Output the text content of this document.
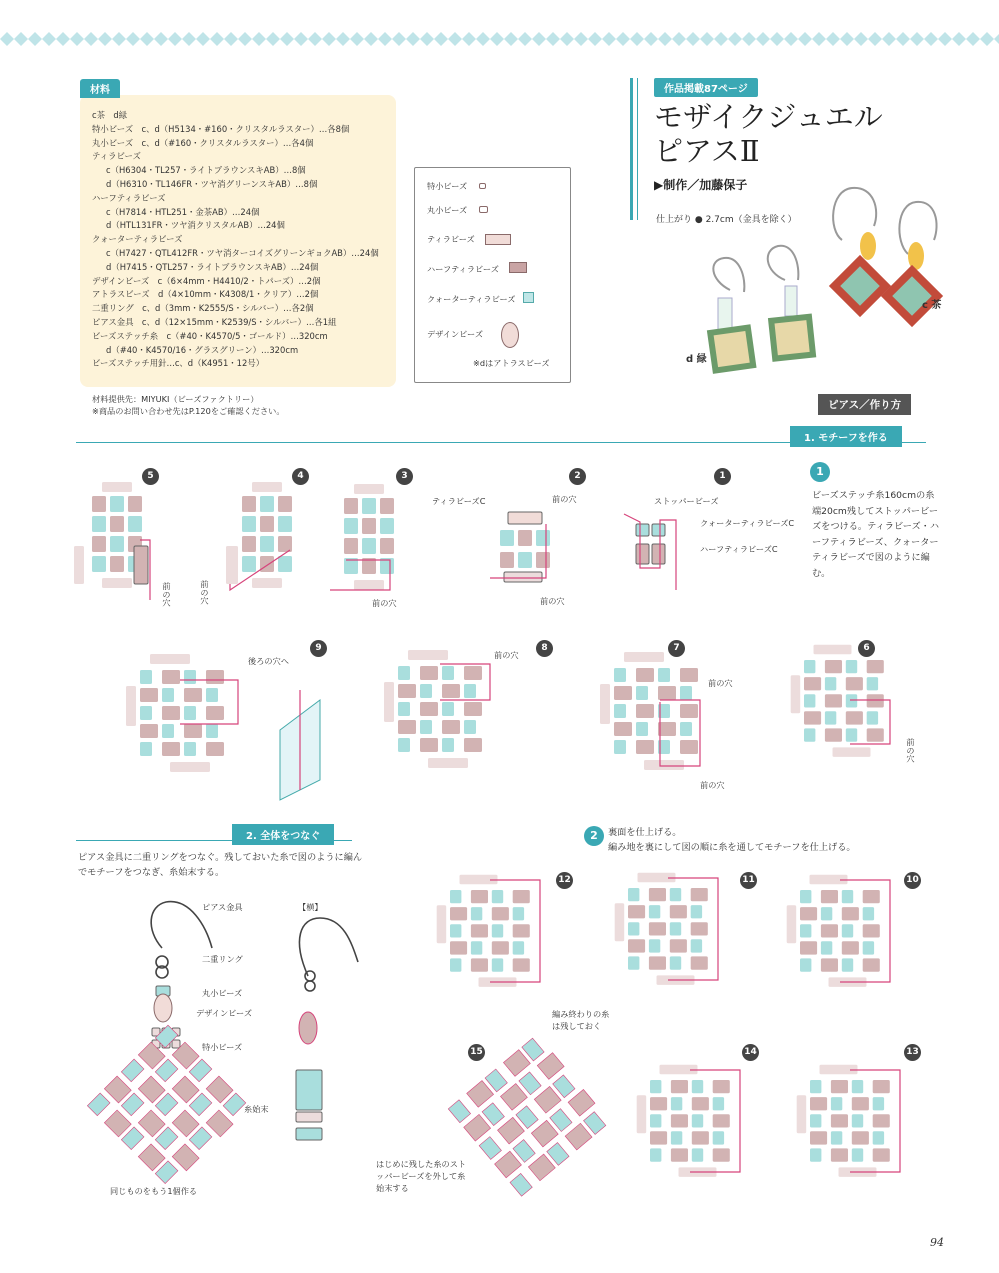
材料
c茶　d緑
特小ビーズ　c、d（H5134・#160・クリスタルラスター）…各8個
丸小ビーズ　c、d（#160・クリスタルラスター）…各4個
ティラビーズ
c（H6304・TL257・ライトブラウンスキAB）…8個
d（H6310・TL146FR・ツヤ消グリーンスキAB）…8個
ハーフティラビーズ
c（H7814・HTL251・金茶AB）…24個
d（HTL131FR・ツヤ消クリスタルAB）…24個
クォーターティラビーズ
c（H7427・QTL412FR・ツヤ消ターコイズグリーンギョクAB）…24個
d（H7415・QTL257・ライトブラウンスキAB）…24個
デザインビーズ　c（6×4mm・H4410/2・トパーズ）…2個
アトラスビーズ　d（4×10mm・K4308/1・クリア）…2個
二重リング　c、d（3mm・K2555/S・シルバー）…各2個
ピアス金具　c、d（12×15mm・K2539/S・シルバー）…各1組
ビーズステッチ糸　c（#40・K4570/5・ゴールド）…320cm
d（#40・K4570/16・グラスグリーン）…320cm
ビーズステッチ用針…c、d（K4951・12号）
材料提供先：MIYUKI（ビーズファクトリー）
※商品のお問い合わせ先はP.120をご確認ください。
特小ビーズ
丸小ビーズ
ティラビーズ
ハーフティラビーズ
クォーターティラビーズ
デザインビーズ
※dはアトラスビーズ
作品掲載87ページ
モザイクジュエル
ピアスⅡ
▶制作／加藤保子
仕上がり ● 2.7cm（金具を除く）
c 茶
d 緑
ピアス／作り方
1. モチーフを作る
1
ビーズステッチ糸160cmの糸端20cm残してストッパービーズをつける。ティラビーズ・ハーフティラビーズ、クォーターティラビーズで図のように編む。
1
2
3
4
5
ストッパービーズ
クォーターティラビーズC
ハーフティラビーズC
ティラビーズC	前の穴
前の穴
前の穴
前の穴
前の穴
6
7
8
9
後ろの穴へ
前の穴
前の穴
前の穴
前の穴
2. 全体をつなぐ
ピアス金具に二重リングをつなぐ。残しておいた糸で図のように編んでモチーフをつなぎ、糸始末する。
ピアス金具
二重リング
丸小ビーズ
デザインビーズ
特小ビーズ
【横】
糸始末
同じものをもう1個作る
2	裏面を仕上げる。
編み地を裏にして図の順に糸を通してモチーフを仕上げる。
12	11	10
15	14	13
編み終わりの糸は残しておく
はじめに残した糸のストッパービーズを外して糸始末する
94
